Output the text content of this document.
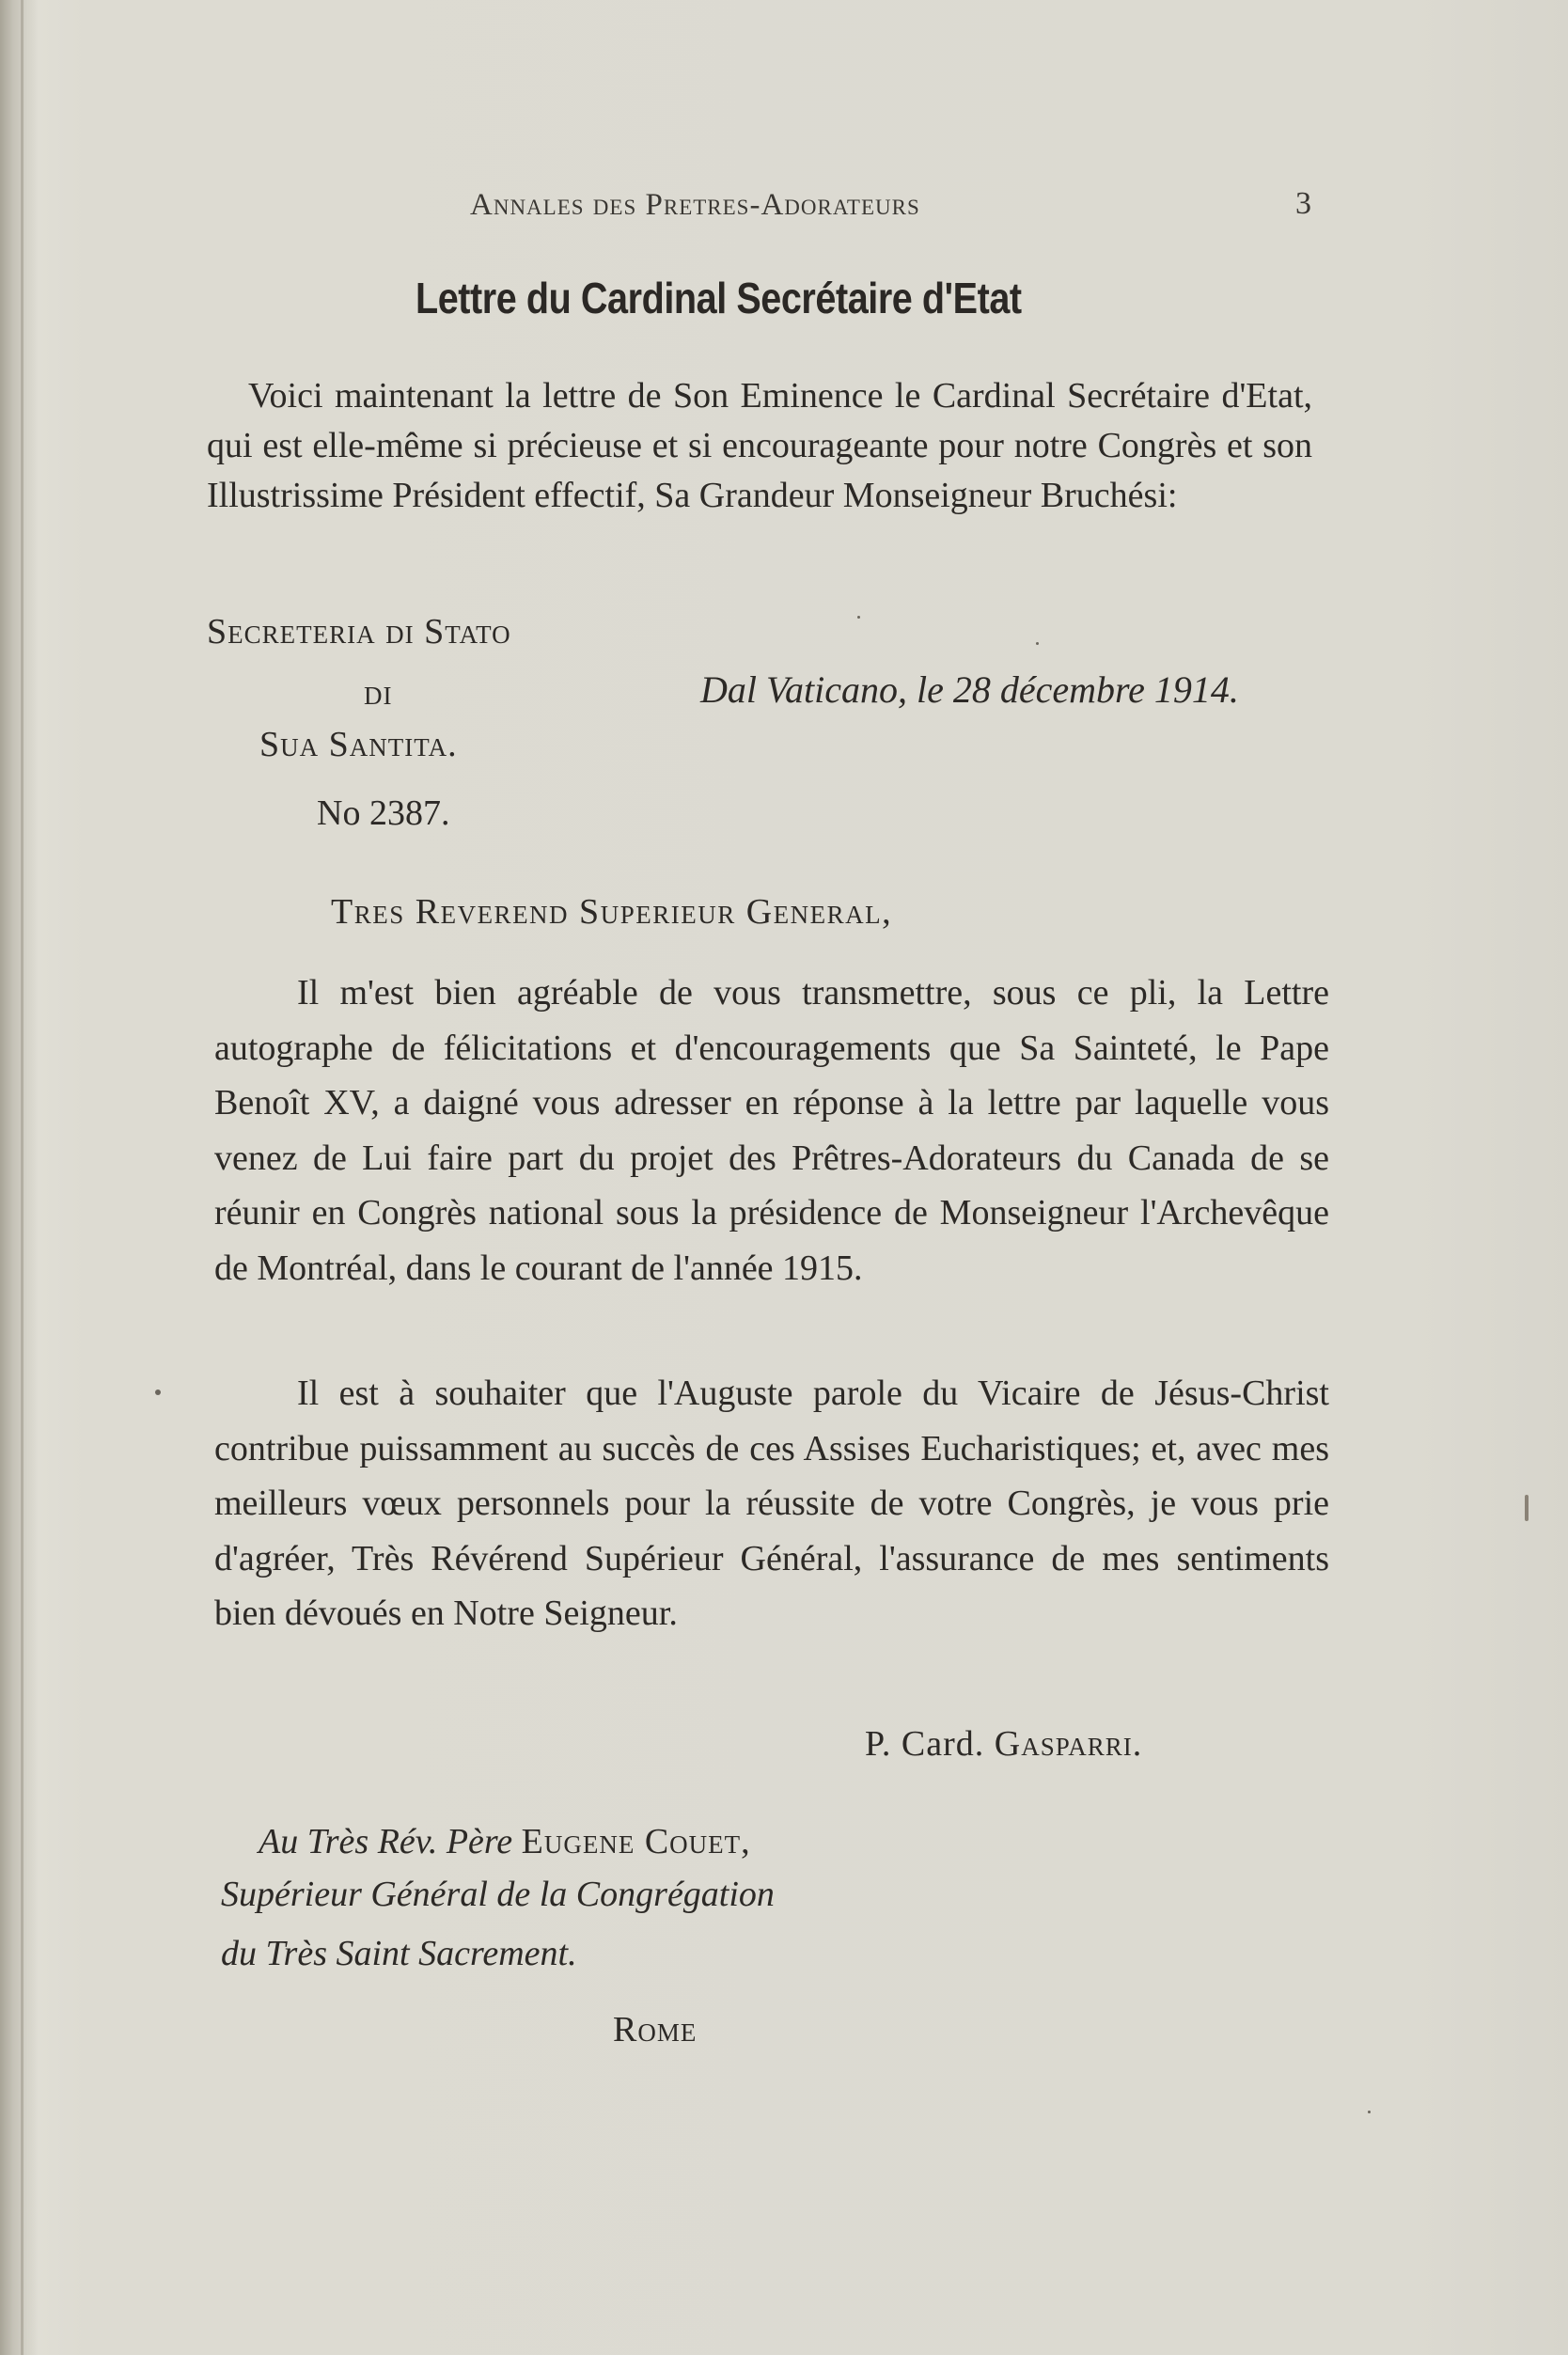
Annales des Pretres-Adorateurs	3
Lettre du Cardinal Secrétaire d'Etat
Voici maintenant la lettre de Son Eminence le Cardinal Secrétaire d'Etat, qui est elle-même si précieuse et si encourageante pour notre Congrès et son Illustrissime Président effectif, Sa Grandeur Monseigneur Bruchési:
Secreteria di Stato
di
Sua Santita.
No 2387.
Dal Vaticano, le 28 décembre 1914.
Tres Reverend Superieur General,
Il m'est bien agréable de vous transmettre, sous ce pli, la Lettre autographe de félicitations et d'encouragements que Sa Sainteté, le Pape Benoît XV, a daigné vous adresser en réponse à la lettre par laquelle vous venez de Lui faire part du projet des Prêtres-Adorateurs du Canada de se réunir en Congrès national sous la présidence de Monseigneur l'Archevêque de Montréal, dans le courant de l'année 1915.
Il est à souhaiter que l'Auguste parole du Vicaire de Jésus-Christ contribue puissamment au succès de ces Assises Eucharistiques; et, avec mes meilleurs vœux personnels pour la réussite de votre Congrès, je vous prie d'agréer, Très Révérend Supérieur Général, l'assurance de mes sentiments bien dévoués en Notre Seigneur.
P. Card. Gasparri.
Au Très Rév. Père Eugene Couet,
Supérieur Général de la Congrégation
du Très Saint Sacrement.
Rome
